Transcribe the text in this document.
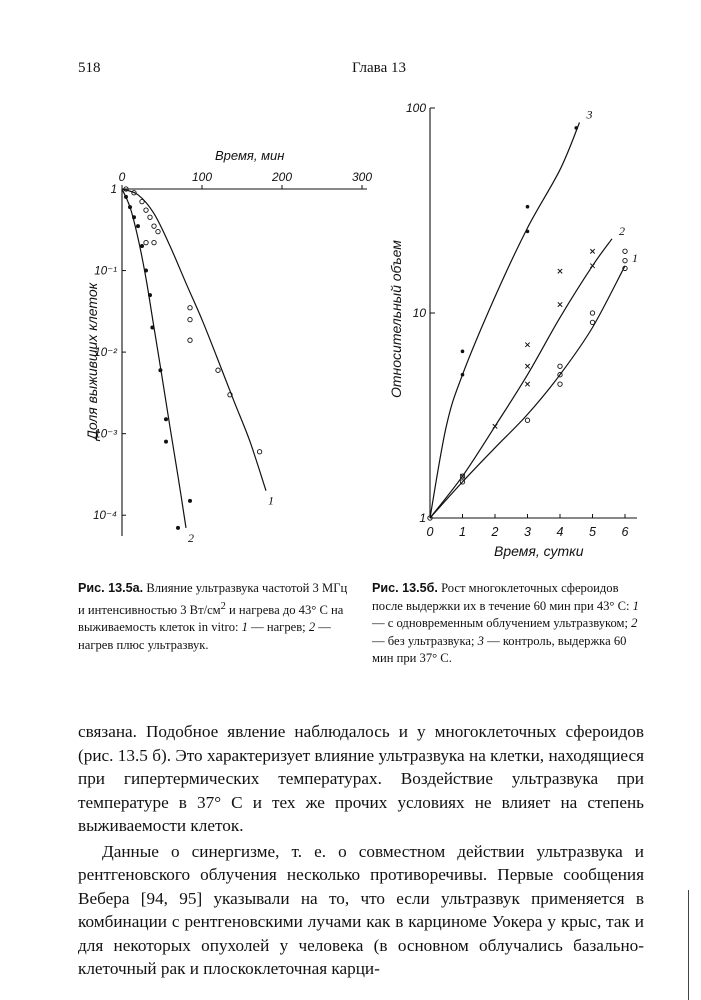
518	Глава 13
0	100	200	300
1
10⁻¹
10⁻²
10⁻³
10⁻⁴
1
2
Время, мин
Доля выживших клеток
0 1 2 3 4 5 6
1
10
100
1
2
3
Время, сутки
Относительный объем

Рис. 13.5а. Влияние ультразвука частотой 3 МГц и интенсивностью 3 $Вт/см^2$ и нагрева до 43° С на выживаемость клеток in vitro: 1 — нагрев; 2 — нагрев плюс ультразвук.

Рис. 13.5б. Рост многоклеточных сфероидов после выдержки их в течение 60 мин при 43° С: 1 — с одновременным облучением ультразвуком; 2 — без ультразвука; 3 — контроль, выдержка 60 мин при 37° С.

связана. Подобное явление наблюдалось и у многоклеточных сфероидов (рис. 13.5 б). Это характеризует влияние ультразвука на клетки, находящиеся при гипертермических температурах. Воздействие ультразвука при температуре в 37° С и тех же прочих условиях не влияет на степень выживаемости клеток.

Данные о синергизме, т. е. о совместном действии ультразвука и рентгеновского облучения несколько противоречивы. Первые сообщения Вебера [94, 95] указывали на то, что если ультразвук применяется в комбинации с рентгеновскими лучами как в карциноме Уокера у крыс, так и для некоторых опухолей у человека (в основном облучались базально-клеточный рак и плоскоклеточная карци-
